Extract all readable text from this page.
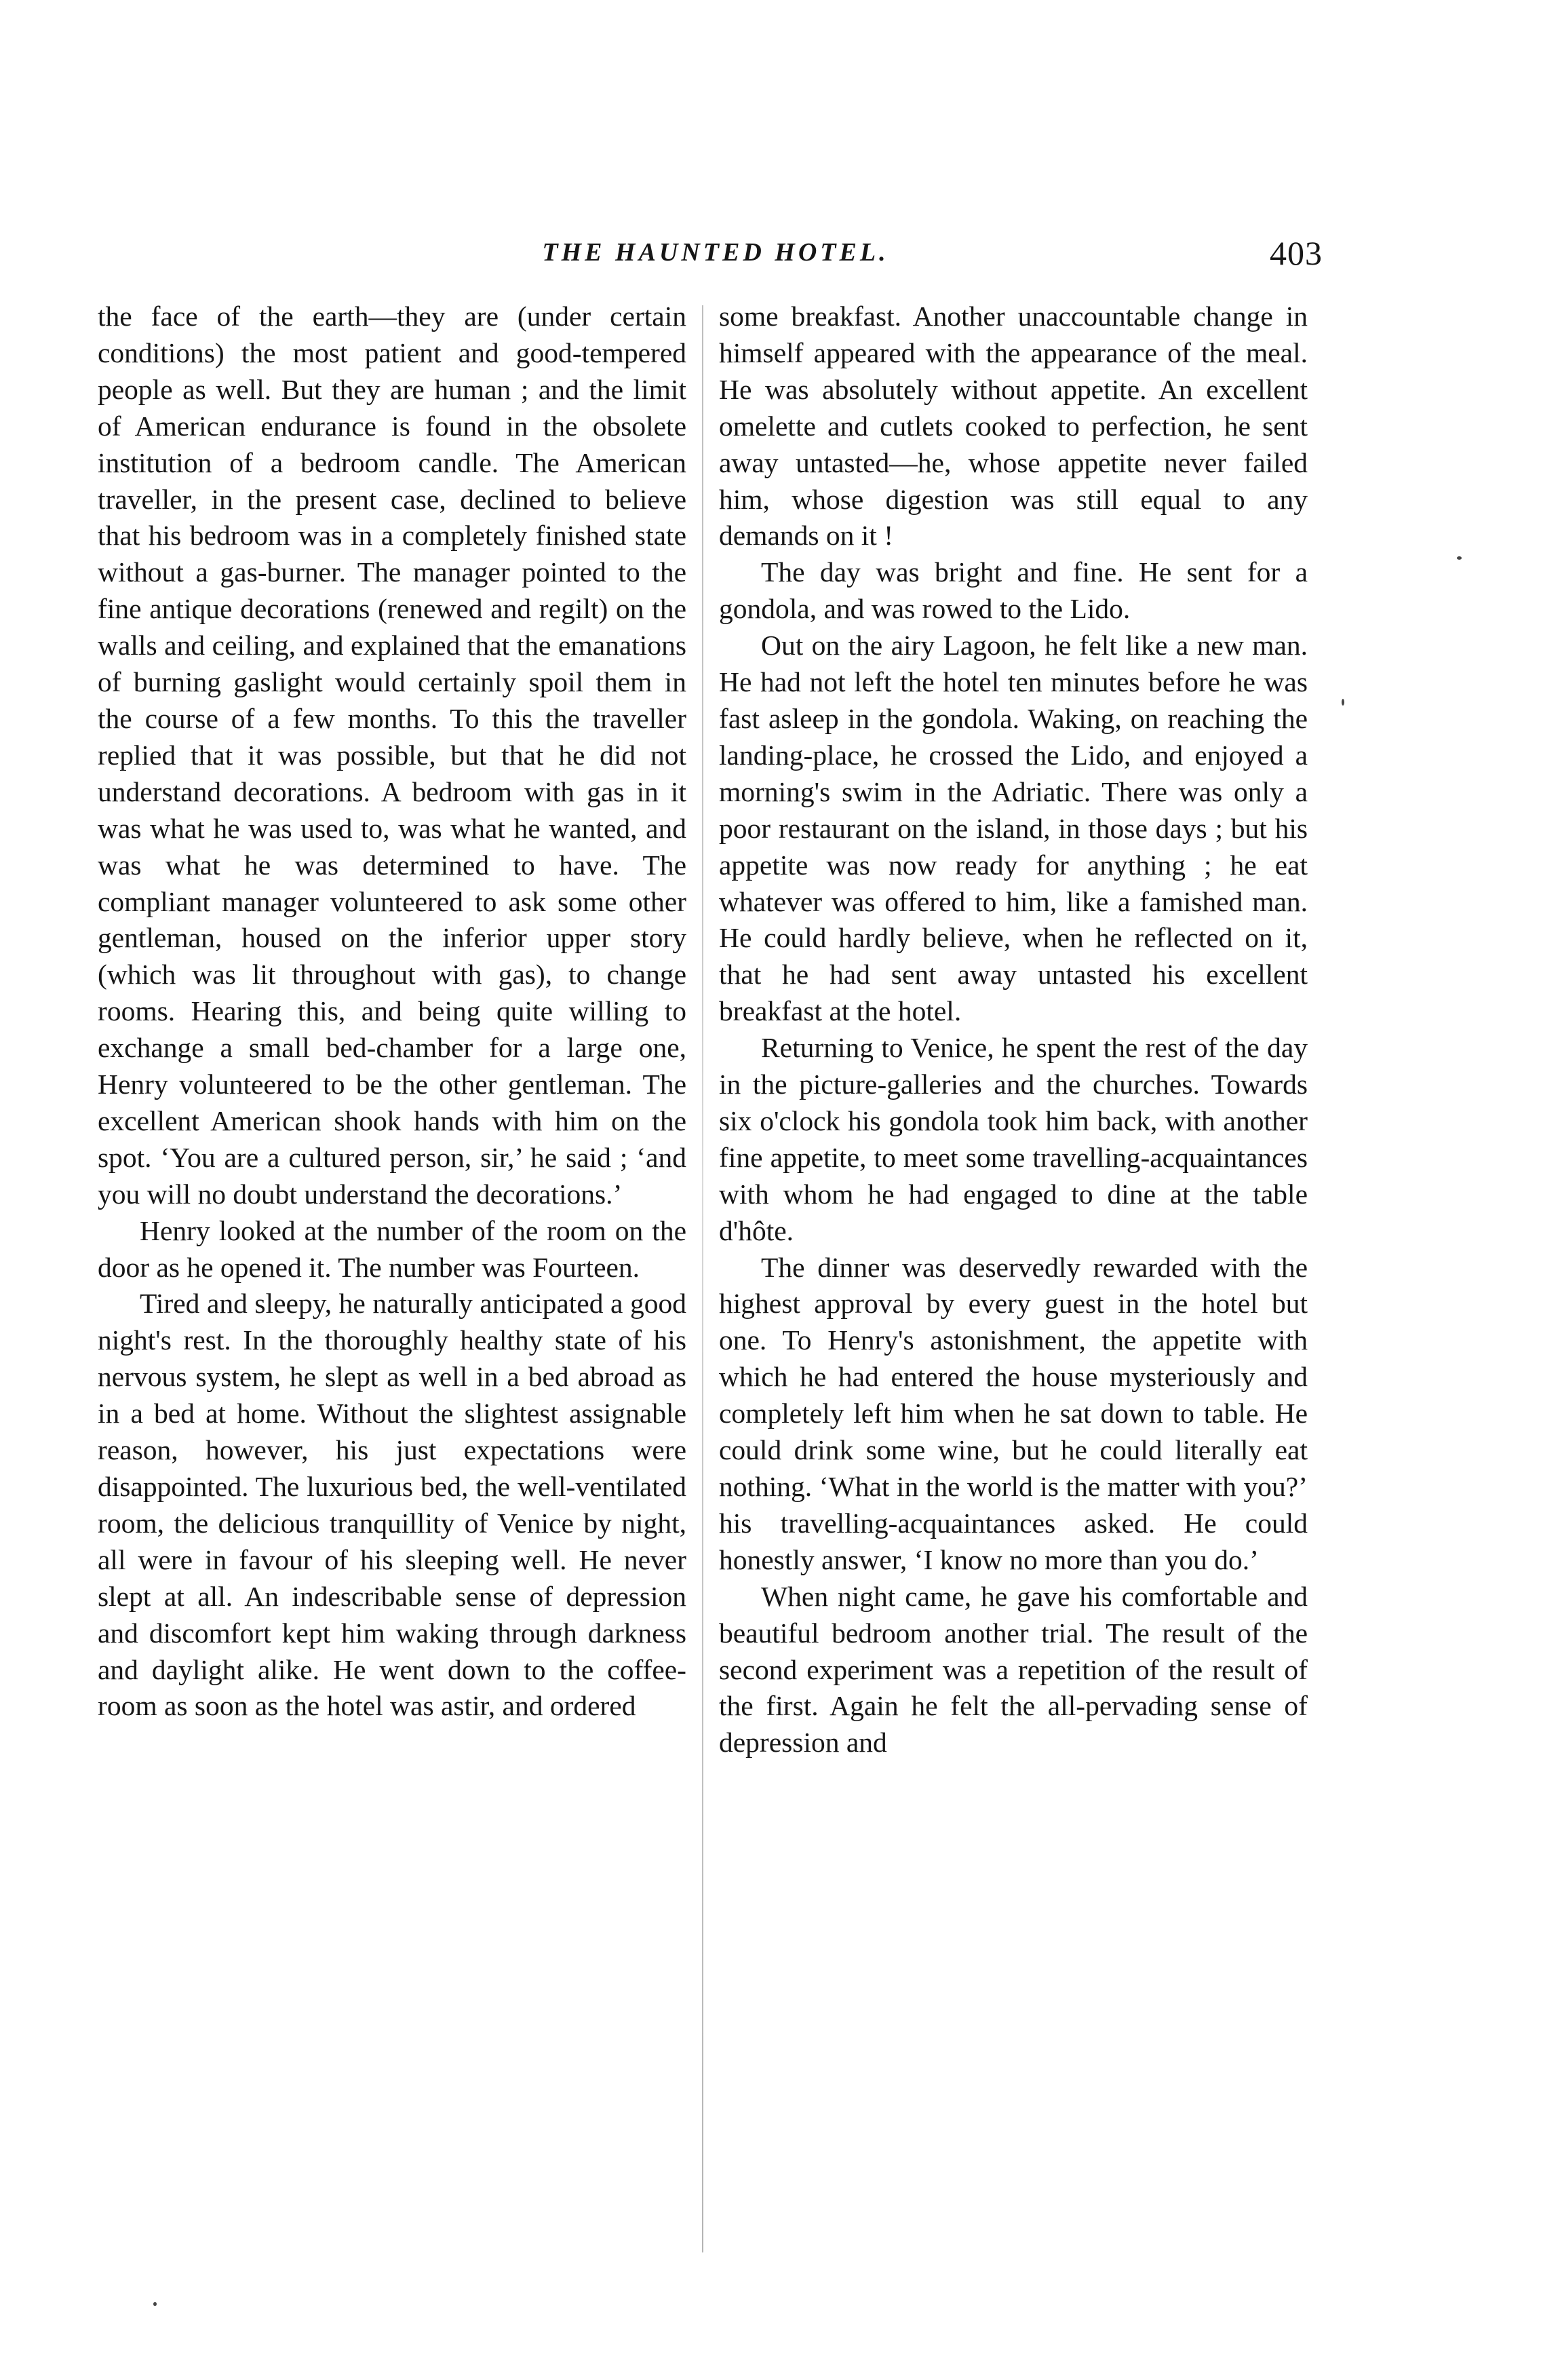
THE HAUNTED HOTEL.	403

the face of the earth—they are (under certain conditions) the most patient and good-tempered people as well. But they are human ; and the limit of American endurance is found in the obsolete institution of a bedroom candle. The American traveller, in the present case, declined to believe that his bedroom was in a completely finished state without a gas-burner. The manager pointed to the fine antique decorations (renewed and regilt) on the walls and ceiling, and explained that the emanations of burning gaslight would certainly spoil them in the course of a few months. To this the traveller replied that it was possible, but that he did not understand decorations. A bedroom with gas in it was what he was used to, was what he wanted, and was what he was determined to have. The compliant manager volunteered to ask some other gentleman, housed on the inferior upper story (which was lit throughout with gas), to change rooms. Hearing this, and being quite willing to exchange a small bed-chamber for a large one, Henry volunteered to be the other gentleman. The excellent American shook hands with him on the spot. ‘You are a cultured person, sir,’ he said ; ‘and you will no doubt understand the decorations.’

Henry looked at the number of the room on the door as he opened it. The number was Fourteen.

Tired and sleepy, he naturally anticipated a good night's rest. In the thoroughly healthy state of his nervous system, he slept as well in a bed abroad as in a bed at home. Without the slightest assignable reason, however, his just expectations were disappointed. The luxurious bed, the well-ventilated room, the delicious tranquillity of Venice by night, all were in favour of his sleeping well. He never slept at all. An indescribable sense of depression and discomfort kept him waking through darkness and daylight alike. He went down to the coffee-room as soon as the hotel was astir, and ordered

some breakfast. Another unaccountable change in himself appeared with the appearance of the meal. He was absolutely without appetite. An excellent omelette and cutlets cooked to perfection, he sent away untasted—he, whose appetite never failed him, whose digestion was still equal to any demands on it !

The day was bright and fine. He sent for a gondola, and was rowed to the Lido.

Out on the airy Lagoon, he felt like a new man. He had not left the hotel ten minutes before he was fast asleep in the gondola. Waking, on reaching the landing-place, he crossed the Lido, and enjoyed a morning's swim in the Adriatic. There was only a poor restaurant on the island, in those days ; but his appetite was now ready for anything ; he eat whatever was offered to him, like a famished man. He could hardly believe, when he reflected on it, that he had sent away untasted his excellent breakfast at the hotel.

Returning to Venice, he spent the rest of the day in the picture-galleries and the churches. Towards six o'clock his gondola took him back, with another fine appetite, to meet some travelling-acquaintances with whom he had engaged to dine at the table d'hôte.

The dinner was deservedly rewarded with the highest approval by every guest in the hotel but one. To Henry's astonishment, the appetite with which he had entered the house mysteriously and completely left him when he sat down to table. He could drink some wine, but he could literally eat nothing. ‘What in the world is the matter with you?’ his travelling-acquaintances asked. He could honestly answer, ‘I know no more than you do.’

When night came, he gave his comfortable and beautiful bedroom another trial. The result of the second experiment was a repetition of the result of the first. Again he felt the all-pervading sense of depression and
